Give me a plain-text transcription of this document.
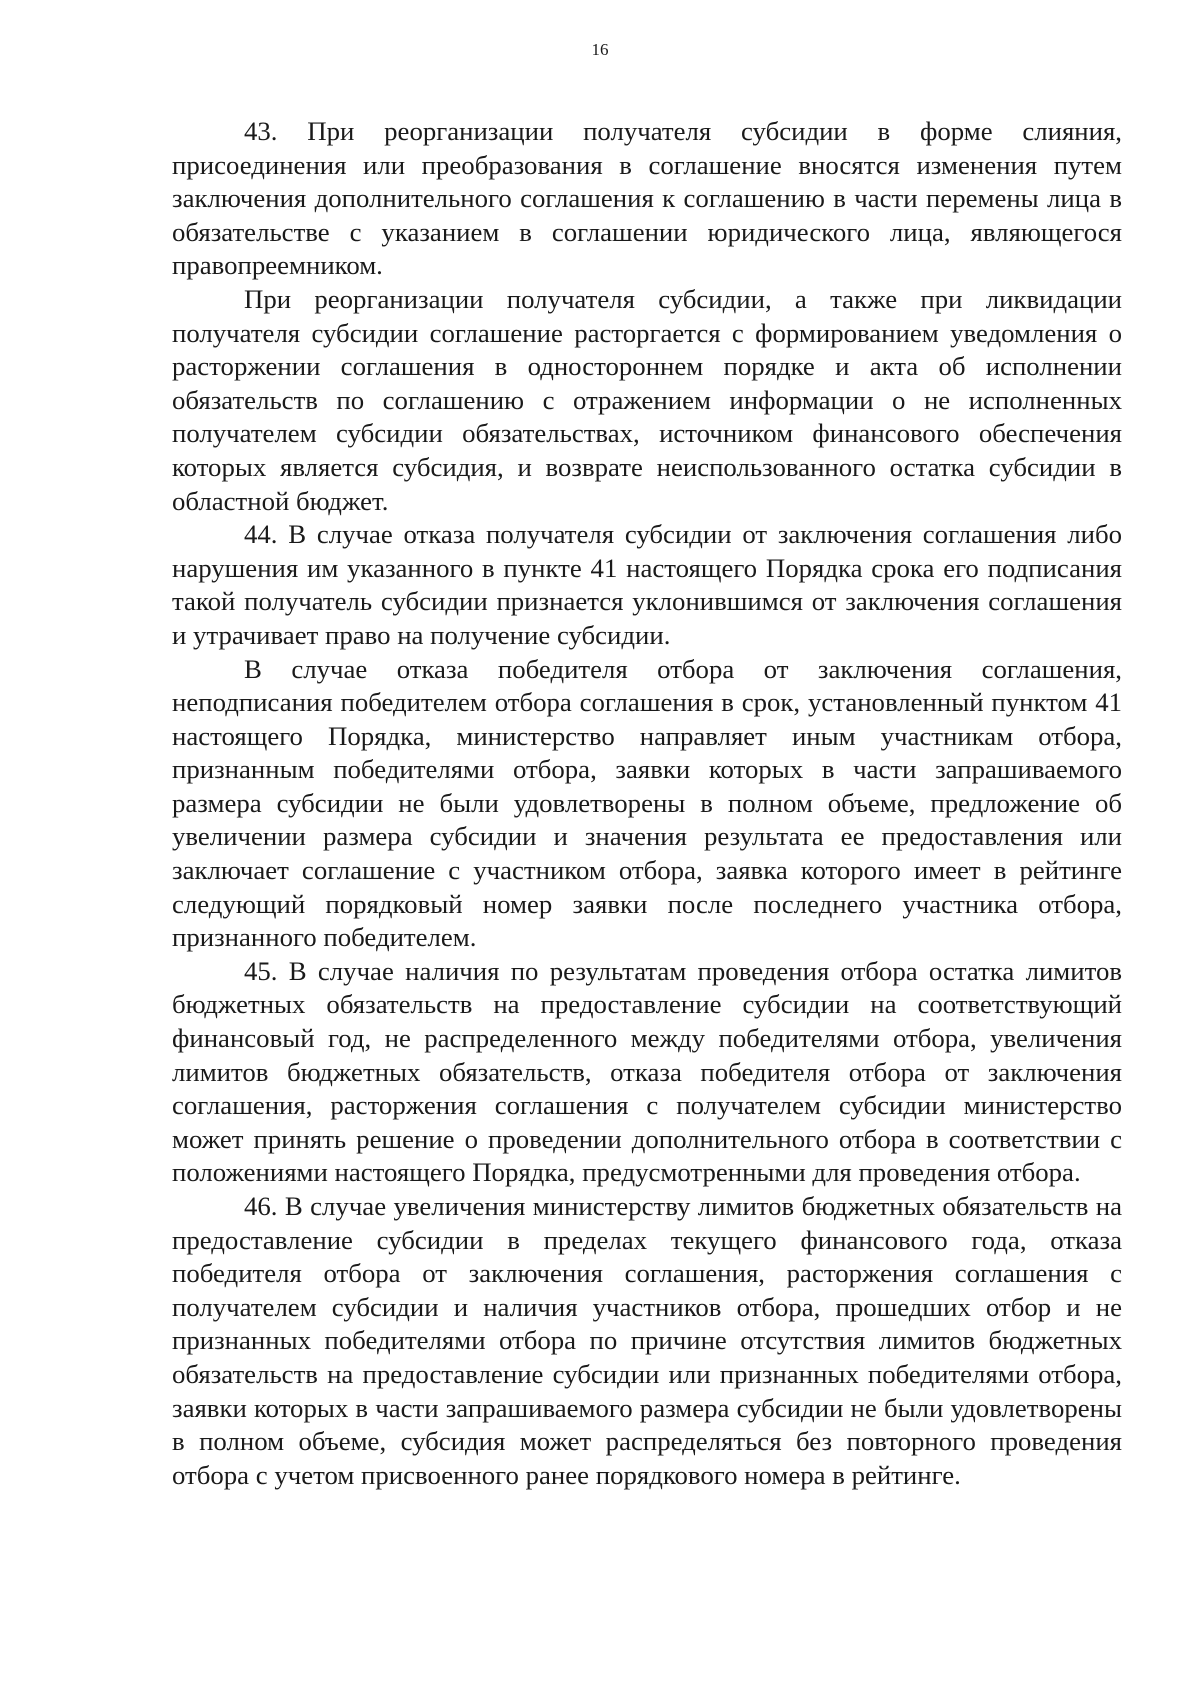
16

43. При реорганизации получателя субсидии в форме слияния, присоединения или преобразования в соглашение вносятся изменения путем заключения дополнительного соглашения к соглашению в части перемены лица в обязательстве с указанием в соглашении юридического лица, являющегося правопреемником.

При реорганизации получателя субсидии, а также при ликвидации получателя субсидии соглашение расторгается с формированием уведомления о расторжении соглашения в одностороннем порядке и акта об исполнении обязательств по соглашению с отражением информации о не исполненных получателем субсидии обязательствах, источником финансового обеспечения которых является субсидия, и возврате неиспользованного остатка субсидии в областной бюджет.

44. В случае отказа получателя субсидии от заключения соглашения либо нарушения им указанного в пункте 41 настоящего Порядка срока его подписания такой получатель субсидии признается уклонившимся от заключения соглашения и утрачивает право на получение субсидии.

В случае отказа победителя отбора от заключения соглашения, неподписания победителем отбора соглашения в срок, установленный пунктом 41 настоящего Порядка, министерство направляет иным участникам отбора, признанным победителями отбора, заявки которых в части запрашиваемого размера субсидии не были удовлетворены в полном объеме, предложение об увеличении размера субсидии и значения результата ее предоставления или заключает соглашение с участником отбора, заявка которого имеет в рейтинге следующий порядковый номер заявки после последнего участника отбора, признанного победителем.

45. В случае наличия по результатам проведения отбора остатка лимитов бюджетных обязательств на предоставление субсидии на соответствующий финансовый год, не распределенного между победителями отбора, увеличения лимитов бюджетных обязательств, отказа победителя отбора от заключения соглашения, расторжения соглашения с получателем субсидии министерство может принять решение о проведении дополнительного отбора в соответствии с положениями настоящего Порядка, предусмотренными для проведения отбора.

46. В случае увеличения министерству лимитов бюджетных обязательств на предоставление субсидии в пределах текущего финансового года, отказа победителя отбора от заключения соглашения, расторжения соглашения с получателем субсидии и наличия участников отбора, прошедших отбор и не признанных победителями отбора по причине отсутствия лимитов бюджетных обязательств на предоставление субсидии или признанных победителями отбора, заявки которых в части запрашиваемого размера субсидии не были удовлетворены в полном объеме, субсидия может распределяться без повторного проведения отбора с учетом присвоенного ранее порядкового номера в рейтинге.
